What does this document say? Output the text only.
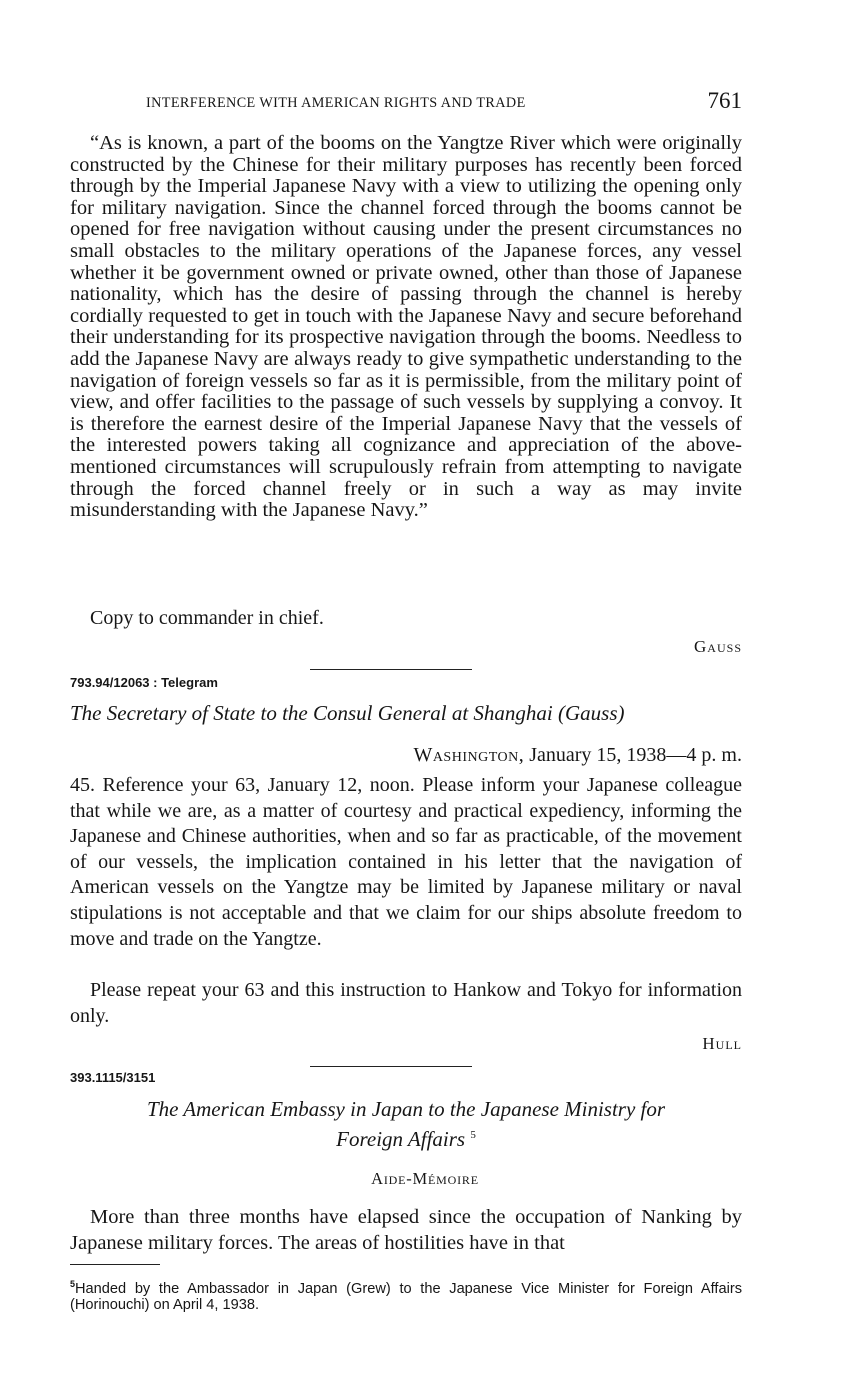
INTERFERENCE WITH AMERICAN RIGHTS AND TRADE	761

“As is known, a part of the booms on the Yangtze River which were originally constructed by the Chinese for their military purposes has recently been forced through by the Imperial Japanese Navy with a view to utilizing the opening only for military navigation. Since the channel forced through the booms cannot be opened for free navigation without causing under the present circumstances no small obstacles to the military operations of the Japanese forces, any vessel whether it be government owned or private owned, other than those of Japanese nationality, which has the desire of passing through the channel is hereby cordially requested to get in touch with the Japanese Navy and secure beforehand their understanding for its prospective navigation through the booms. Needless to add the Japanese Navy are always ready to give sympathetic understanding to the navigation of foreign vessels so far as it is permissible, from the military point of view, and offer facilities to the passage of such vessels by supplying a convoy. It is therefore the earnest desire of the Imperial Japanese Navy that the vessels of the interested powers taking all cognizance and appreciation of the above-mentioned circumstances will scrupulously refrain from attempting to navigate through the forced channel freely or in such a way as may invite misunderstanding with the Japanese Navy.”

Copy to commander in chief.
Gauss
793.94/12063 : Telegram
The Secretary of State to the Consul General at Shanghai (Gauss)
Washington, January 15, 1938—4 p. m.

45. Reference your 63, January 12, noon. Please inform your Japanese colleague that while we are, as a matter of courtesy and practical expediency, informing the Japanese and Chinese authorities, when and so far as practicable, of the movement of our vessels, the implication contained in his letter that the navigation of American vessels on the Yangtze may be limited by Japanese military or naval stipulations is not acceptable and that we claim for our ships absolute freedom to move and trade on the Yangtze.

Please repeat your 63 and this instruction to Hankow and Tokyo for information only.

Hull
393.1115/3151
The American Embassy in Japan to the Japanese Ministry for
Foreign Affairs $^5$
Aide-Mémoire

More than three months have elapsed since the occupation of Nanking by Japanese military forces. The areas of hostilities have in that

$^5$Handed by the Ambassador in Japan (Grew) to the Japanese Vice Minister for Foreign Affairs (Horinouchi) on April 4, 1938.
